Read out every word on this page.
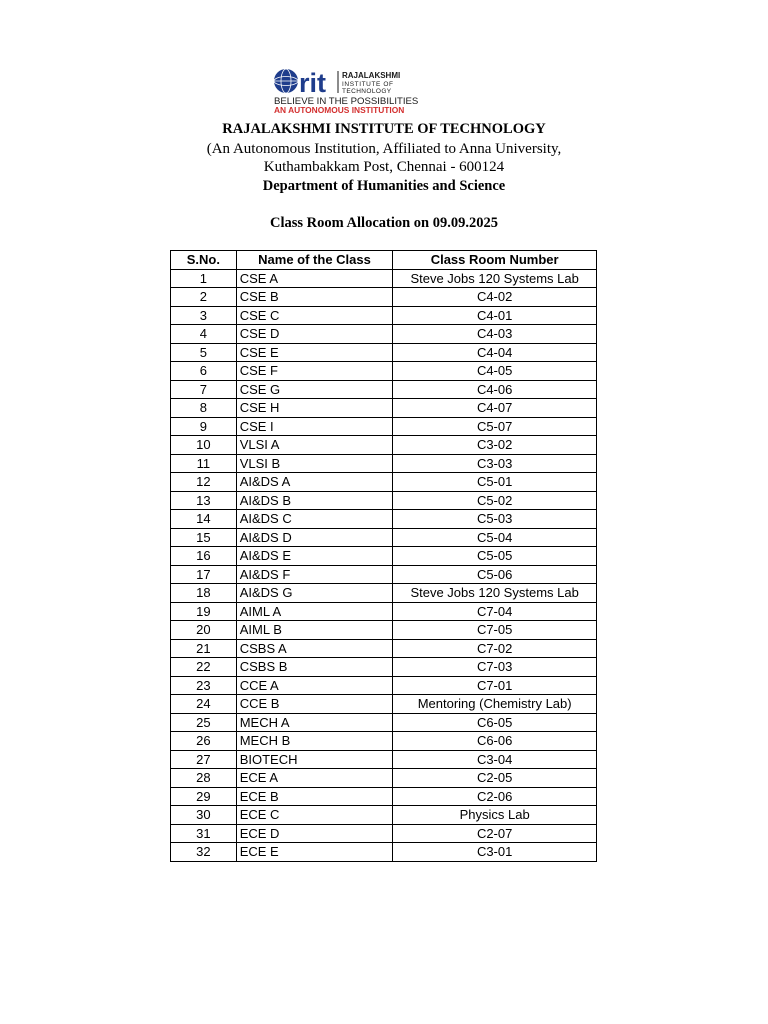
rit RAJALAKSHMI
INSTITUTE OF
TECHNOLOGY
BELIEVE IN THE POSSIBILITIES
AN AUTONOMOUS INSTITUTION
RAJALAKSHMI INSTITUTE OF TECHNOLOGY
(An Autonomous Institution, Affiliated to Anna University,
Kuthambakkam Post, Chennai - 600124
Department of Humanities and Science
Class Room Allocation on 09.09.2025
S.No.	Name of the Class	Class Room Number
1	CSE A	Steve Jobs 120 Systems Lab
2	CSE B	C4-02
3	CSE C	C4-01
4	CSE D	C4-03
5	CSE E	C4-04
6	CSE F	C4-05
7	CSE G	C4-06
8	CSE H	C4-07
9	CSE I	C5-07
10	VLSI A	C3-02
11	VLSI B	C3-03
12	AI&DS A	C5-01
13	AI&DS B	C5-02
14	AI&DS C	C5-03
15	AI&DS D	C5-04
16	AI&DS E	C5-05
17	AI&DS F	C5-06
18	AI&DS G	Steve Jobs 120 Systems Lab
19	AIML A	C7-04
20	AIML B	C7-05
21	CSBS A	C7-02
22	CSBS B	C7-03
23	CCE A	C7-01
24	CCE B	Mentoring (Chemistry Lab)
25	MECH A	C6-05
26	MECH B	C6-06
27	BIOTECH	C3-04
28	ECE A	C2-05
29	ECE B	C2-06
30	ECE C	Physics Lab
31	ECE D	C2-07
32	ECE E	C3-01
